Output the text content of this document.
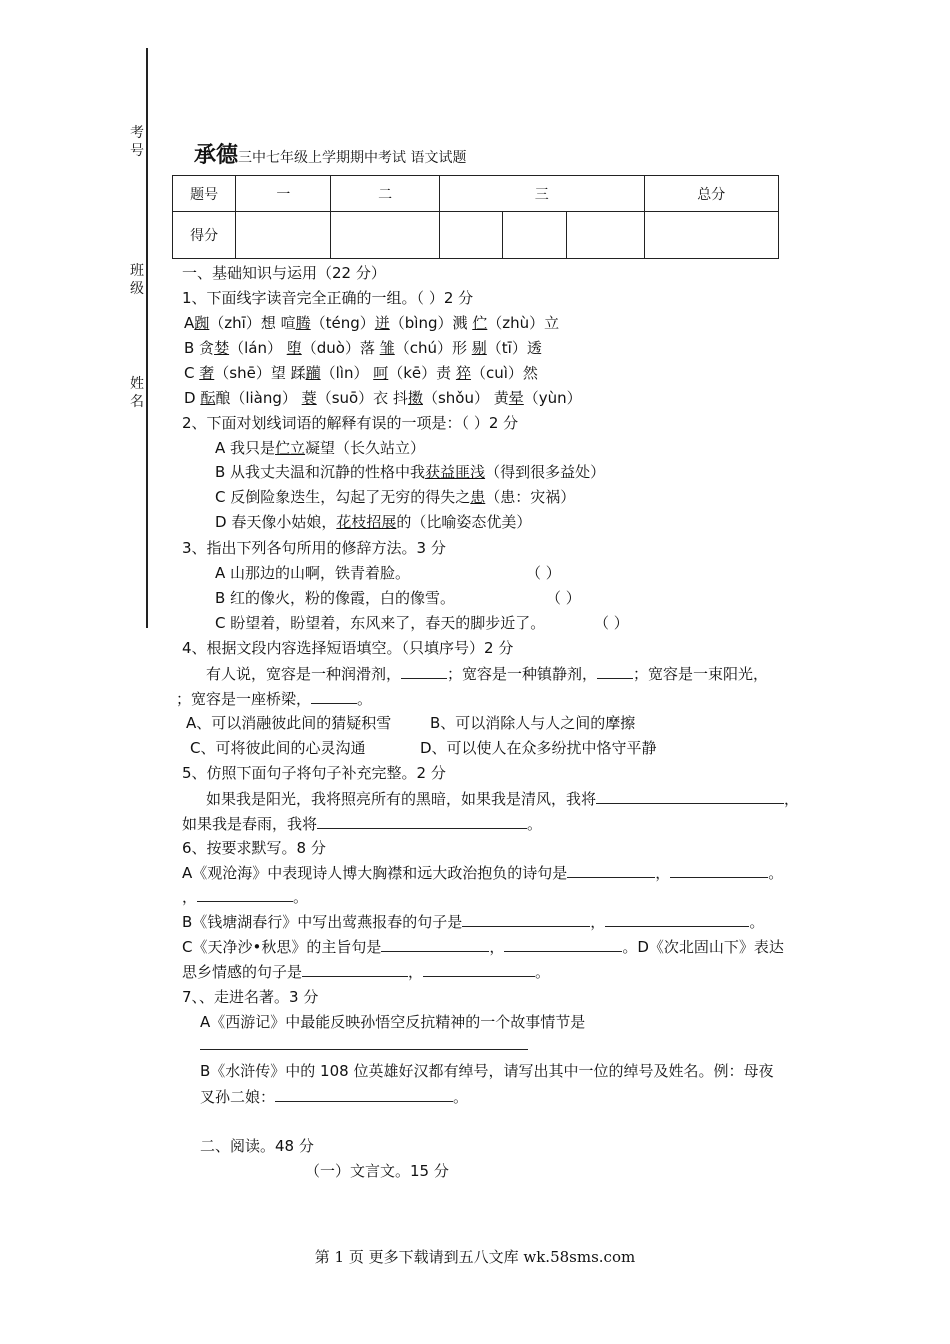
考号
班级
姓名
承德三中七年级上学期期中考试 语文试题
题号	一	二	三			总分
得分						
一、基础知识与运用（22 分）
1、下面线字读音完全正确的一组。（ ）2 分
A踟（zhī）想 喧腾（téng）迸（bìng）溅 伫（zhù）立
B 贪婪（lán） 堕（duò）落 雏（chú）形 剔（tī）透
C 奢（shē）望 蹂躏（lìn） 呵（kē）责 猝（cuì）然
D 酝酿（liàng） 蓑（suō）衣 抖擞（shǒu） 黄晕（yùn）
2、下面对划线词语的解释有误的一项是：（ ）2 分
A 我只是伫立凝望（长久站立）
B 从我丈夫温和沉静的性格中我获益匪浅（得到很多益处）
C 反倒险象迭生，勾起了无穷的得失之患（患：灾祸）
D 春天像小姑娘，花枝招展的（比喻姿态优美）
3、指出下列各句所用的修辞方法。3 分
A 山那边的山啊，铁青着脸。	（ ）
B 红的像火，粉的像霞，白的像雪。	（ ）
C 盼望着，盼望着，东风来了，春天的脚步近了。	（ ）
4、根据文段内容选择短语填空。（只填序号）2 分
有人说，宽容是一种润滑剂，	；宽容是一种镇静剂， ；宽容是一束阳光，
；宽容是一座桥梁，	。
A、可以消融彼此间的猜疑积雪	B、可以消除人与人之间的摩擦
C、可将彼此间的心灵沟通	D、可以使人在众多纷扰中恪守平静
5、仿照下面句子将句子补充完整。2 分
如果我是阳光，我将照亮所有的黑暗，如果我是清风，我将	，
如果我是春雨，我将	。
6、按要求默写。8 分
A《观沧海》中表现诗人博大胸襟和远大政治抱负的诗句是	，	。
，	。
B《钱塘湖春行》中写出莺燕报春的句子是	，	。
C《天净沙•秋思》的主旨句是	，	。D《次北固山下》表达
思乡情感的句子是	，	。
7、、走进名著。3 分
A《西游记》中最能反映孙悟空反抗精神的一个故事情节是
B《水浒传》中的 108 位英雄好汉都有绰号，请写出其中一位的绰号及姓名。例：母夜
叉孙二娘：	。
二、阅读。48 分
（一）文言文。15 分
第 1 页 更多下载请到五八文库 wk.58sms.com
